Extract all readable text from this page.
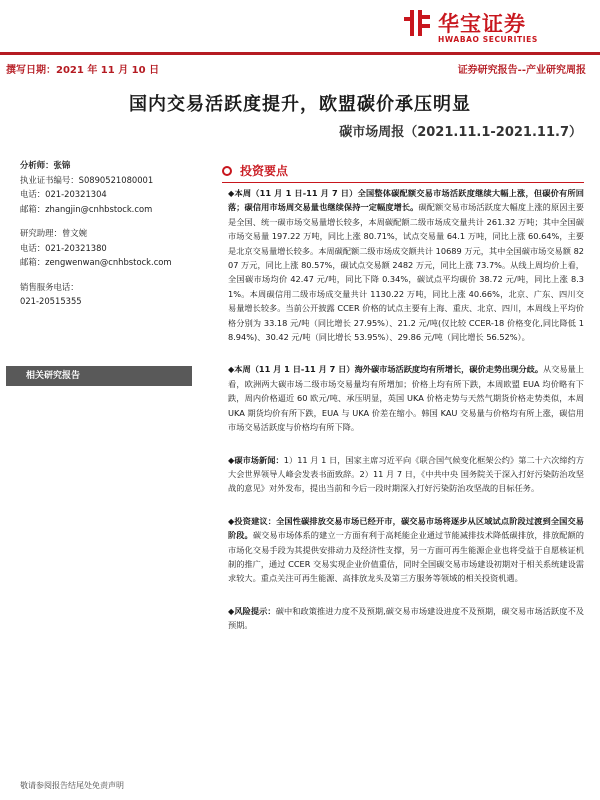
华宝证券
HWABAO SECURITIES
撰写日期：2021 年 11 月 10 日	证券研究报告--产业研究周报
国内交易活跃度提升，欧盟碳价承压明显
碳市场周报（2021.11.1-2021.11.7）
分析师：张锦
执业证书编号：S0890521080001
电话：021-20321304
邮箱：zhangjin@cnhbstock.com
研究助理：曾文婉
电话：021-20321380
邮箱：zengwenwan@cnhbstock.com
销售服务电话：
021-20515355
相关研究报告
投资要点

◆本周（11 月 1 日-11 月 7 日）全国整体碳配额交易市场活跃度继续大幅上涨，但碳价有所回落；碳信用市场周交易量也继续保持一定幅度增长。碳配额交易市场活跃度大幅度上涨的原因主要是全国、统一碳市场交易量增长较多，本周碳配额二级市场成交量共计 261.32 万吨；其中全国碳市场交易量 197.22 万吨，同比上涨 80.71%，试点交易量 64.1 万吨，同比上涨 60.64%，主要是北京交易量增长较多。本周碳配额二级市场成交额共计 10689 万元，其中全国碳市场交易额 8207 万元，同比上涨 80.57%，碳试点交易额 2482 万元，同比上涨 73.7%。从线上周均价上看，全国碳市场均价 42.47 元/吨，同比下降 0.34%，碳试点平均碳价 38.72 元/吨，同比上涨 8.31%。本周碳信用二级市场成交量共计 1130.22 万吨，同比上涨 40.66%，北京、广东、四川交易量增长较多。当前公开披露 CCER 价格的试点主要有上海、重庆、北京、四川，本周线上平均价格分别为 33.18 元/吨（同比增长 27.95%）、21.2 元/吨(仅比较 CCER-18 价格变化,同比降低 18.94%)、30.42 元/吨（同比增长 53.95%）、29.86 元/吨（同比增长 56.52%）。

◆本周（11 月 1 日-11 月 7 日）海外碳市场活跃度均有所增长，碳价走势出现分歧。从交易量上看，欧洲两大碳市场二级市场交易量均有所增加；价格上均有所下跌，本周欧盟 EUA 均价略有下跌，周内价格逼近 60 欧元/吨、承压明显，英国 UKA 价格走势与天然气期货价格走势类似，本周 UKA 期货均价有所下跌，EUA 与 UKA 价差在缩小。韩国 KAU 交易量与价格均有所上涨，碳信用市场交易活跃度与价格均有所下降。

◆碳市场新闻：1）11 月 1 日，国家主席习近平向《联合国气候变化框架公约》第二十六次缔约方大会世界领导人峰会发表书面致辞。2）11 月 7 日，《中共中央 国务院关于深入打好污染防治攻坚战的意见》对外发布，提出当前和今后一段时期深入打好污染防治攻坚战的目标任务。

◆投资建议：全国性碳排放交易市场已经开市，碳交易市场将逐步从区域试点阶段过渡到全国交易阶段。碳交易市场体系的建立一方面有利于高耗能企业通过节能减排技术降低碳排放，排放配额的市场化交易手段为其提供安排动力及经济性支撑，另一方面可再生能源企业也将受益于自愿核证机制的推广，通过 CCER 交易实现企业价值重估，同时全国碳交易市场建设初期对于相关系统建设需求较大。重点关注可再生能源、高排放龙头及第三方服务等领域的相关投资机遇。

◆风险提示：碳中和政策推进力度不及预期,碳交易市场建设进度不及预期，碳交易市场活跃度不及预期。

敬请参阅报告结尾处免责声明
